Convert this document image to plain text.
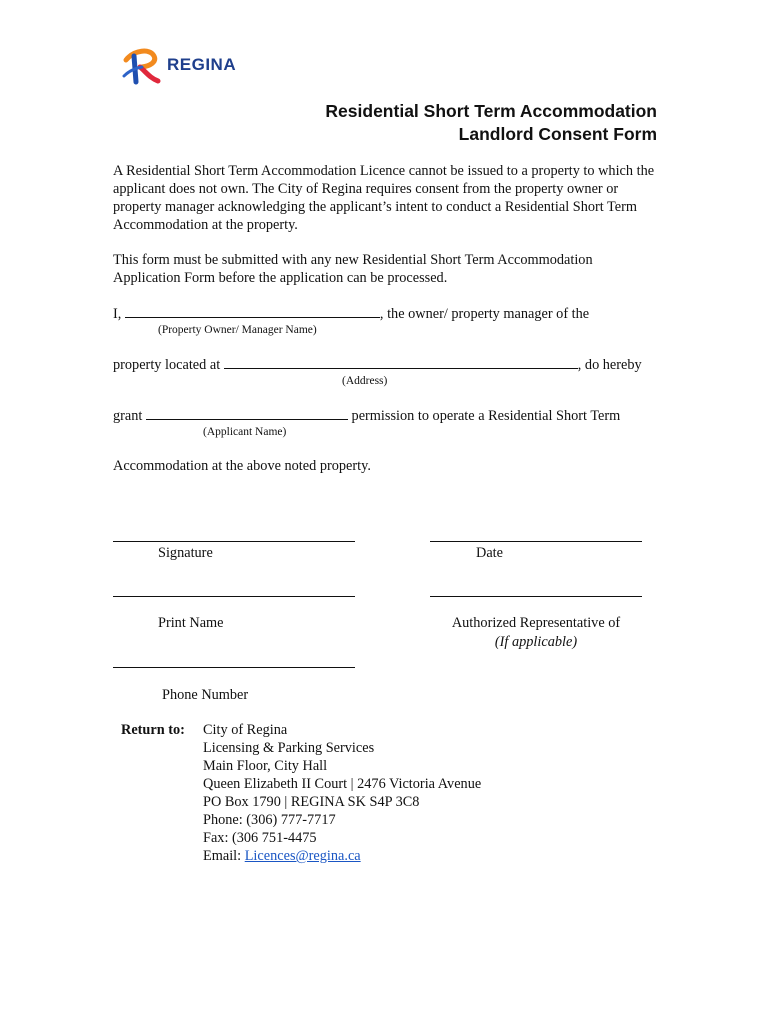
REGINA
Residential Short Term Accommodation
Landlord Consent Form

A Residential Short Term Accommodation Licence cannot be issued to a property to which the applicant does not own. The City of Regina requires consent from the property owner or property manager acknowledging the applicant’s intent to conduct a Residential Short Term Accommodation at the property.

This form must be submitted with any new Residential Short Term Accommodation Application Form before the application can be processed.

I,	, the owner/ property manager of the
(Property Owner/ Manager Name)
property located at	, do hereby
(Address)
grant	permission to operate a Residential Short Term
(Applicant Name)
Accommodation at the above noted property.
Signature	Date
Print Name	Authorized Representative of
(If applicable)
Phone Number
Return to: City of Regina
Licensing & Parking Services
Main Floor, City Hall
Queen Elizabeth II Court | 2476 Victoria Avenue
PO Box 1790 | REGINA SK S4P 3C8
Phone: (306) 777-7717
Fax: (306 751-4475
Email: Licences@regina.ca
